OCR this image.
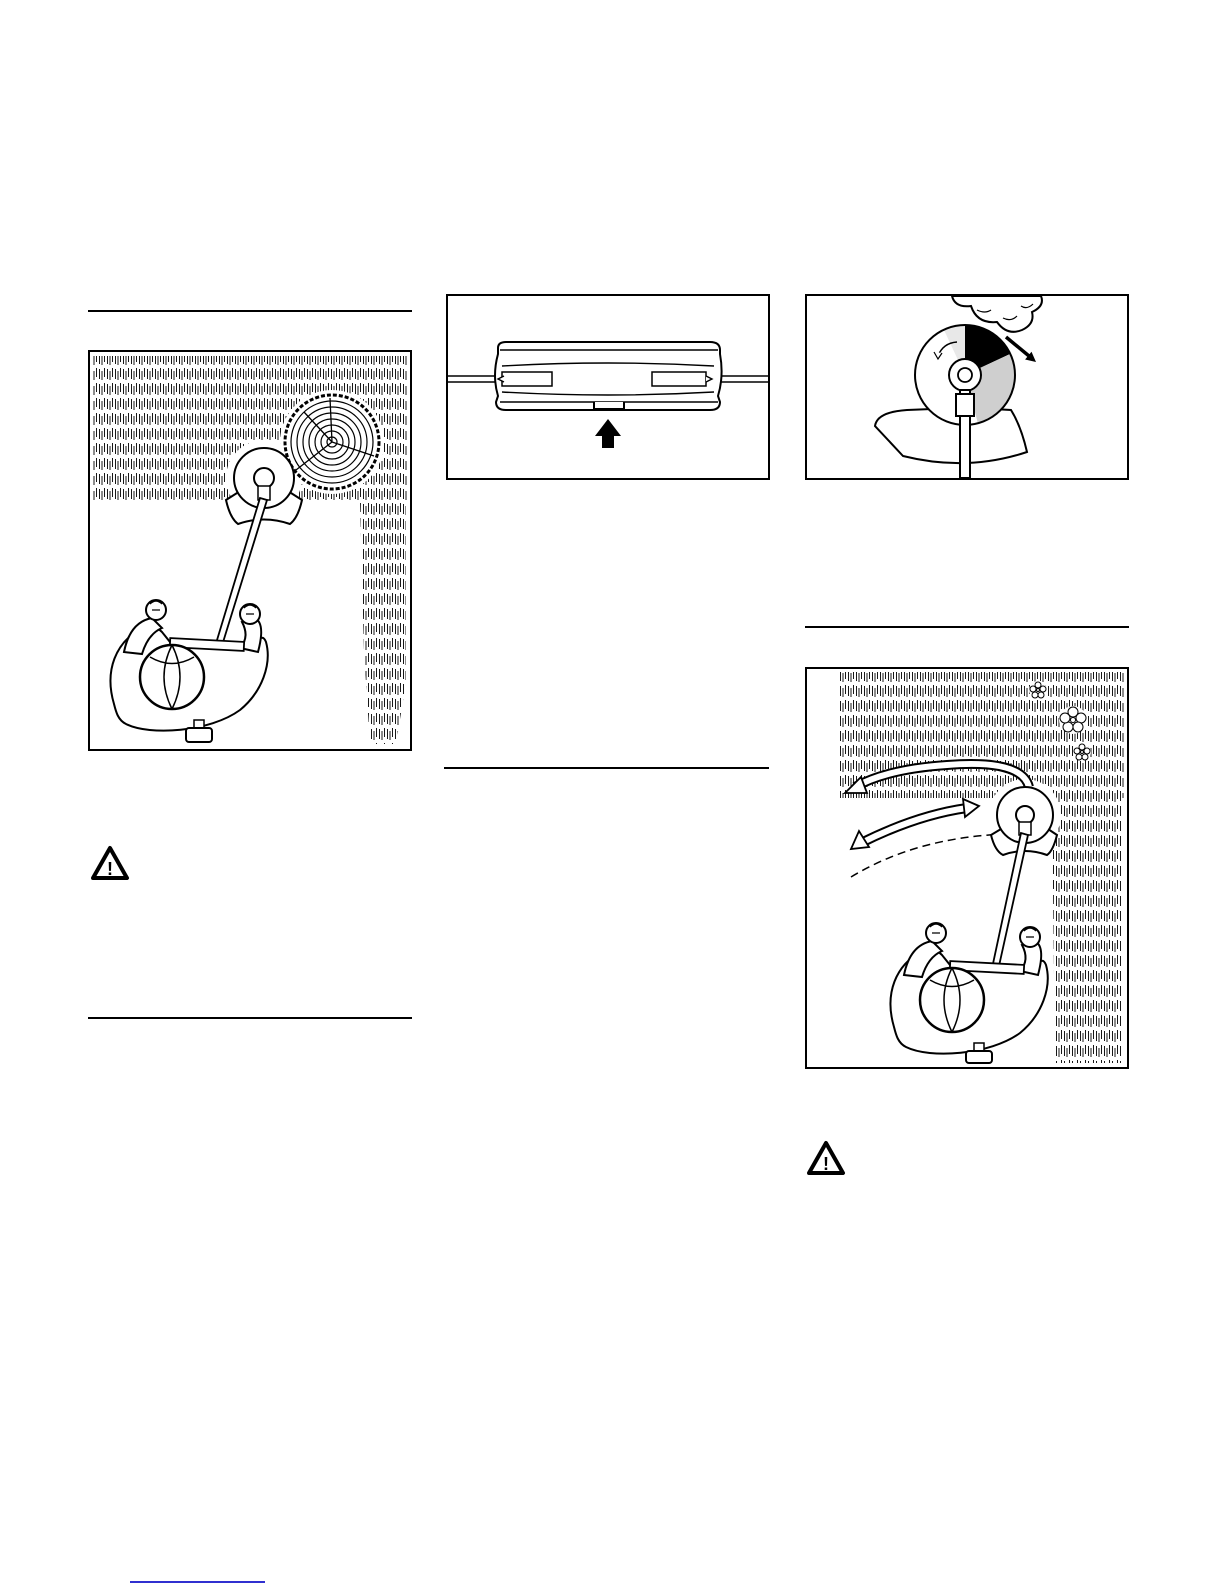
!
!
